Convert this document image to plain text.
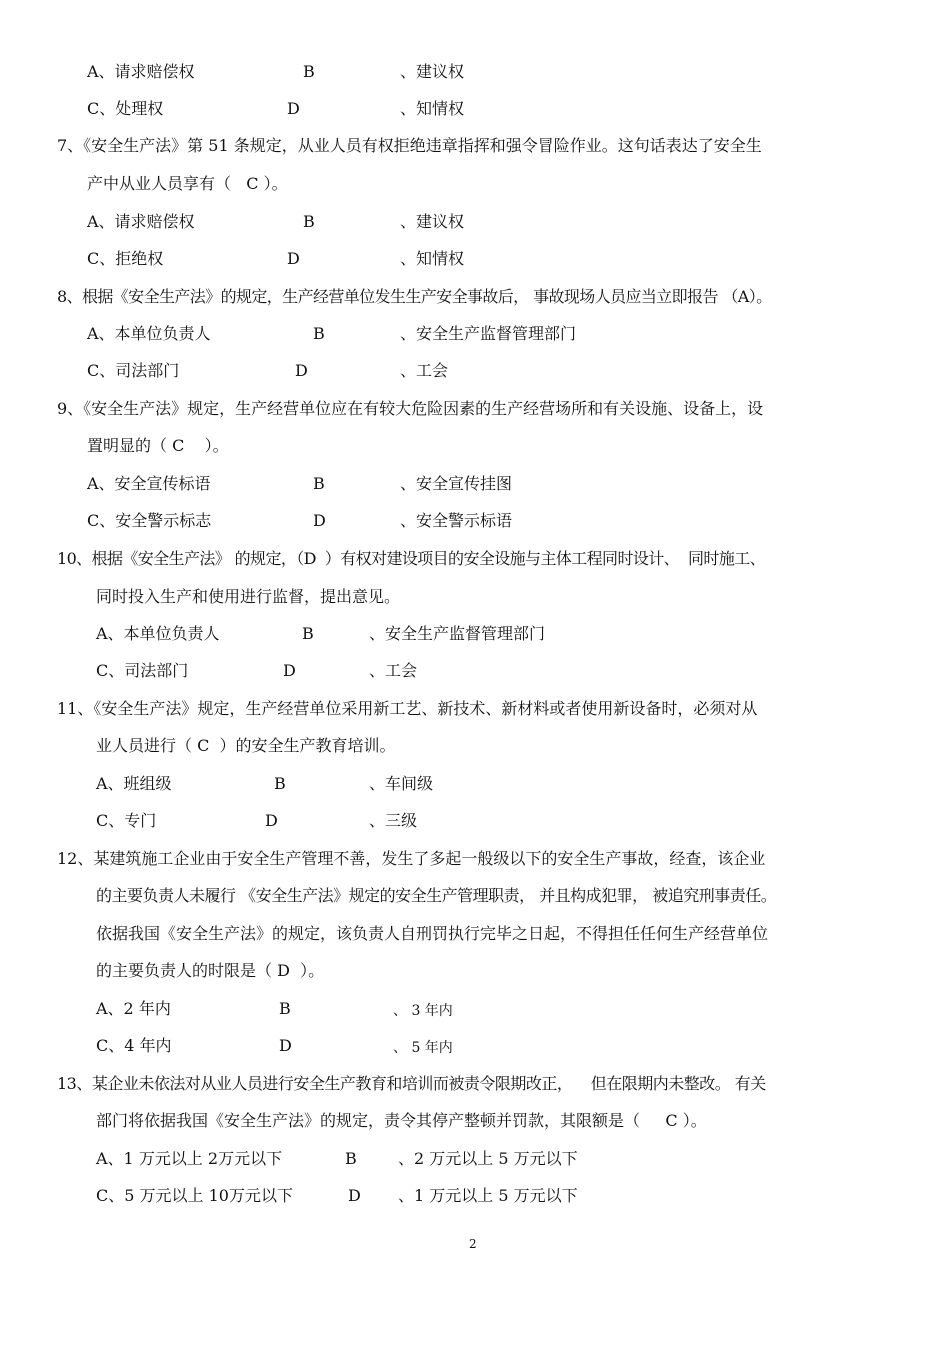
A、请求赔偿权	B	、建议权
C、处理权	D	、知情权
7、《安全生产法》第 51 条规定，从业人员有权拒绝违章指挥和强令冒险作业。这句话表达了安全生
产中从业人员享有（   C ）。
A、请求赔偿权	B	、建议权
C、拒绝权	D	、知情权
8、根据《安全生产法》的规定，生产经营单位发生生产安全事故后， 事故现场人员应当立即报告 （A）。
A、本单位负责人	B	、安全生产监督管理部门
C、司法部门	D	、工会
9、《安全生产法》规定，生产经营单位应在有较大危险因素的生产经营场所和有关设施、设备上，设
置明显的（ C    ）。
A、安全宣传标语	B	、安全宣传挂图
C、安全警示标志	D	、安全警示标语
10、根据《安全生产法》 的规定，（D  ）有权对建设项目的安全设施与主体工程同时设计、  同时施工、
同时投入生产和使用进行监督，提出意见。
A、本单位负责人	B	、安全生产监督管理部门
C、司法部门	D	、工会
11、《安全生产法》规定，生产经营单位采用新工艺、新技术、新材料或者使用新设备时，必须对从
业人员进行（ C  ）的安全生产教育培训。
A、班组级	B	、车间级
C、专门	D	、三级
12、某建筑施工企业由于安全生产管理不善，发生了多起一般级以下的安全生产事故，经查，该企业
的主要负责人未履行 《安全生产法》规定的安全生产管理职责， 并且构成犯罪， 被追究刑事责任。
依据我国《安全生产法》的规定，该负责人自刑罚执行完毕之日起，不得担任任何生产经营单位
的主要负责人的时限是（ D  ）。
A、2 年内	B	、 3 年内
C、4 年内	D	、 5 年内
13、某企业未依法对从业人员进行安全生产教育和培训而被责令限期改正，    但在限期内未整改。 有关
部门将依据我国《安全生产法》的规定，责令其停产整顿并罚款，其限额是（     C ）。
A、1 万元以上 2万元以下	B	、2 万元以上 5 万元以下
C、5 万元以上 10万元以下	D 、1 万元以上 5 万元以下
2
